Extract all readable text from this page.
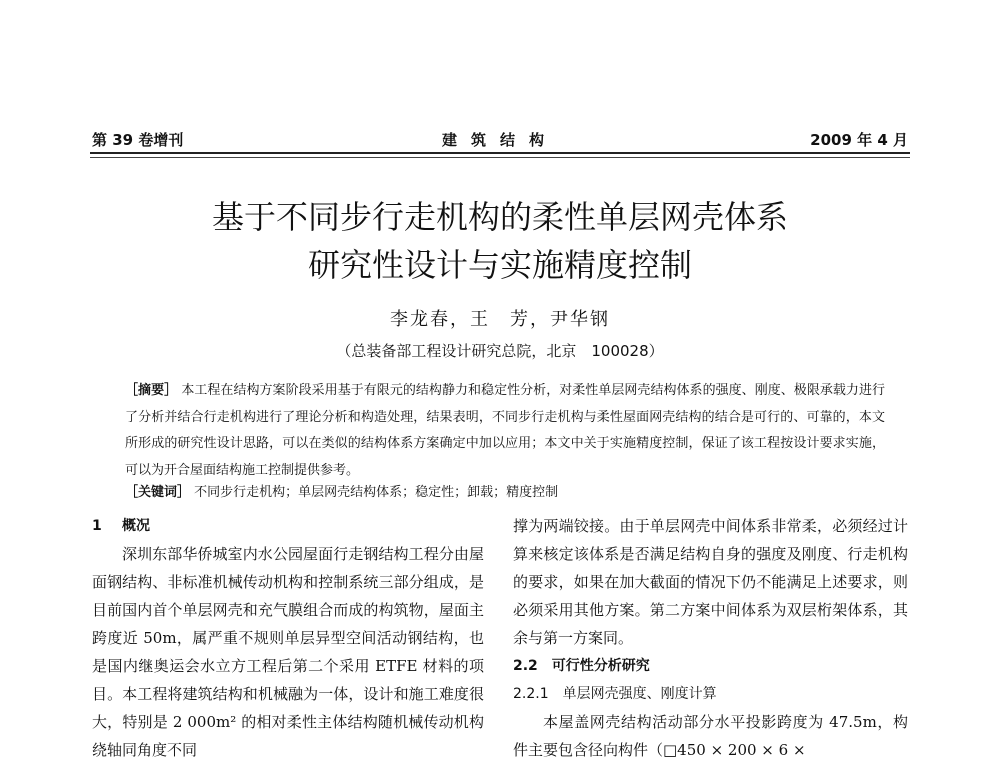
第 39 卷增刊	建筑结构	2009 年 4 月
基于不同步行走机构的柔性单层网壳体系
研究性设计与实施精度控制
李龙春，王　芳，尹华钢
（总装备部工程设计研究总院，北京　100028）
［摘要］ 本工程在结构方案阶段采用基于有限元的结构静力和稳定性分析，对柔性单层网壳结构体系的强度、刚度、极限承载力进行了分析并结合行走机构进行了理论分析和构造处理，结果表明，不同步行走机构与柔性屋面网壳结构的结合是可行的、可靠的，本文所形成的研究性设计思路，可以在类似的结构体系方案确定中加以应用；本文中关于实施精度控制，保证了该工程按设计要求实施，可以为开合屋面结构施工控制提供参考。
［关键词］ 不同步行走机构；单层网壳结构体系；稳定性；卸载；精度控制

1 概况

深圳东部华侨城室内水公园屋面行走钢结构工程分由屋面钢结构、非标准机械传动机构和控制系统三部分组成，是目前国内首个单层网壳和充气膜组合而成的构筑物，屋面主跨度近 50m，属严重不规则单层异型空间活动钢结构，也是国内继奥运会水立方工程后第二个采用 ETFE 材料的项目。本工程将建筑结构和机械融为一体，设计和施工难度很大，特别是 2 000m² 的相对柔性主体结构随机械传动机构绕轴同角度不同

撑为两端铰接。由于单层网壳中间体系非常柔，必须经过计算来核定该体系是否满足结构自身的强度及刚度、行走机构的要求，如果在加大截面的情况下仍不能满足上述要求，则必须采用其他方案。第二方案中间体系为双层桁架体系，其余与第一方案同。

2.2　可行性分析研究

2.2.1　单层网壳强度、刚度计算

本屋盖网壳结构活动部分水平投影跨度为 47.5m，构件主要包含径向构件（□450 × 200 × 6 ×
